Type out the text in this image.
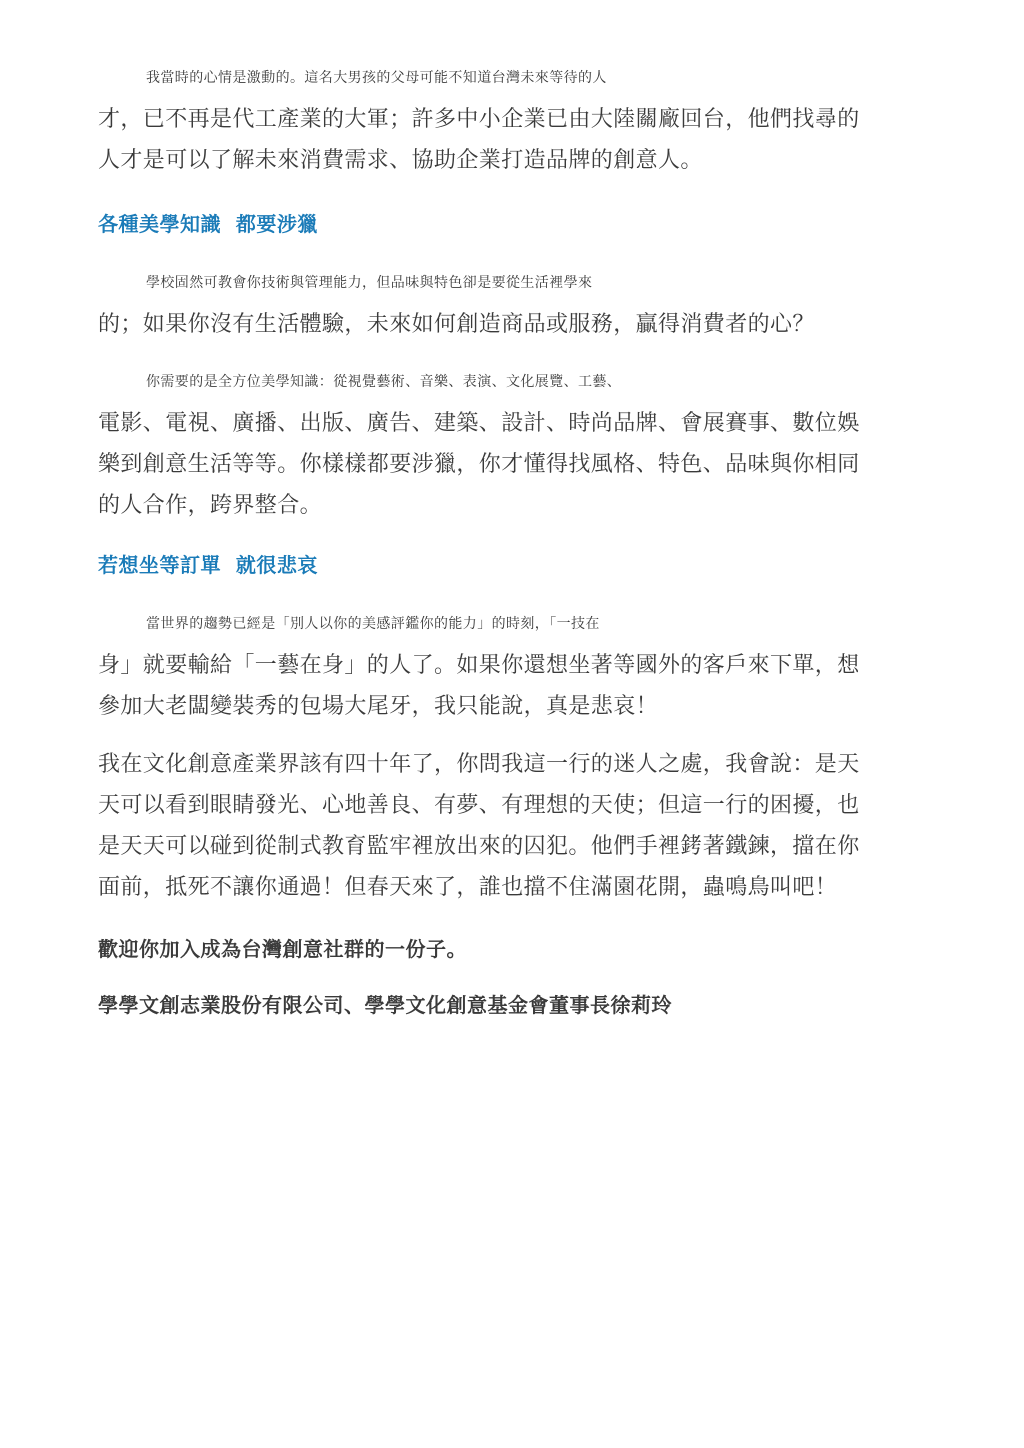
我當時的心情是激動的。這名大男孩的父母可能不知道台灣未來等待的人
才，已不再是代工產業的大軍；許多中小企業已由大陸關廠回台，他們找尋的
人才是可以了解未來消費需求、協助企業打造品牌的創意人。
各種美學知識  都要涉獵
學校固然可教會你技術與管理能力，但品味與特色卻是要從生活裡學來
的；如果你沒有生活體驗，未來如何創造商品或服務，贏得消費者的心？
你需要的是全方位美學知識：從視覺藝術、音樂、表演、文化展覽、工藝、
電影、電視、廣播、出版、廣告、建築、設計、時尚品牌、會展賽事、數位娛
樂到創意生活等等。你樣樣都要涉獵，你才懂得找風格、特色、品味與你相同
的人合作，跨界整合。
若想坐等訂單  就很悲哀
當世界的趨勢已經是「別人以你的美感評鑑你的能力」的時刻，「一技在
身」就要輸給「一藝在身」的人了。如果你還想坐著等國外的客戶來下單，想
參加大老闆變裝秀的包場大尾牙，我只能說，真是悲哀！
我在文化創意產業界該有四十年了，你問我這一行的迷人之處，我會說：是天
天可以看到眼睛發光、心地善良、有夢、有理想的天使；但這一行的困擾，也
是天天可以碰到從制式教育監牢裡放出來的囚犯。他們手裡銬著鐵鍊，擋在你
面前，抵死不讓你通過！但春天來了，誰也擋不住滿園花開，蟲鳴鳥叫吧！
歡迎你加入成為台灣創意社群的一份子。
學學文創志業股份有限公司、學學文化創意基金會董事長徐莉玲
